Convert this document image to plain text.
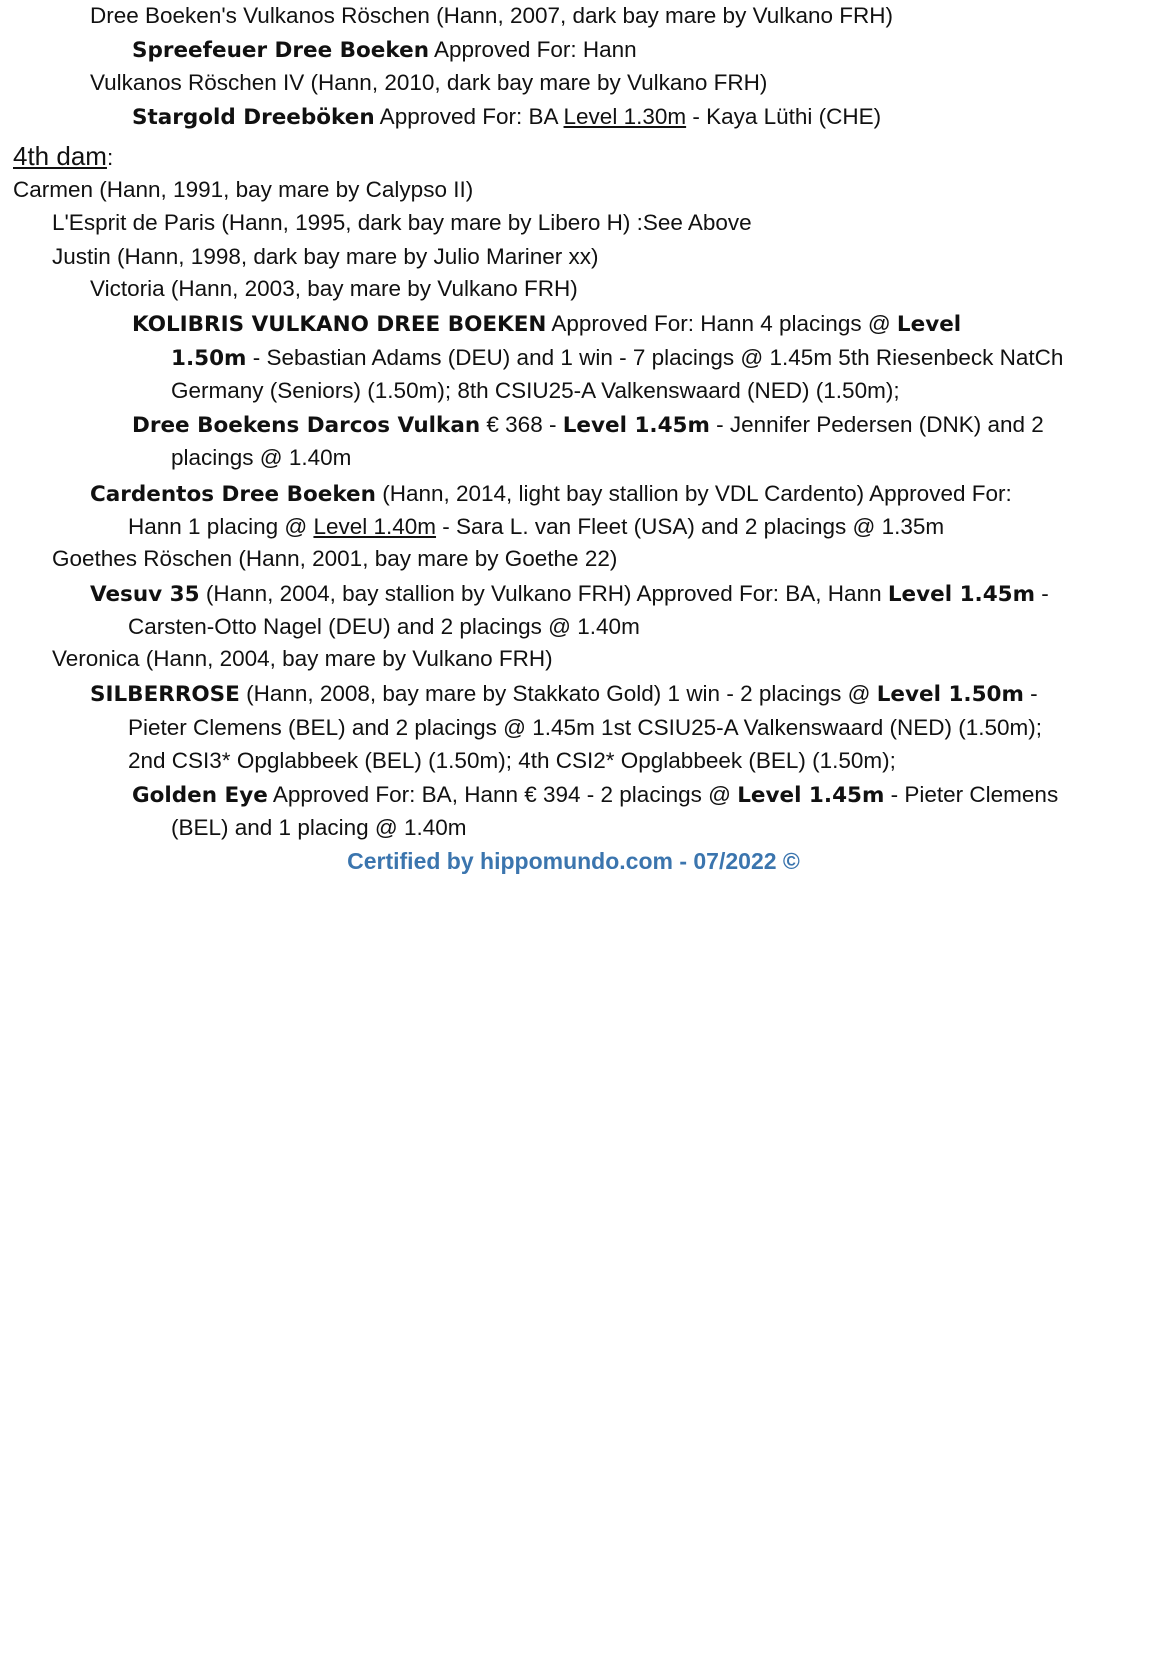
Dree Boeken's Vulkanos Röschen (Hann, 2007, dark bay mare by Vulkano FRH)
Spreefeuer Dree Boeken Approved For: Hann
Vulkanos Röschen IV (Hann, 2010, dark bay mare by Vulkano FRH)
Stargold Dreeböken Approved For: BA Level 1.30m - Kaya Lüthi (CHE)
4th dam:
Carmen (Hann, 1991, bay mare by Calypso II)
L'Esprit de Paris (Hann, 1995, dark bay mare by Libero H) :See Above
Justin (Hann, 1998, dark bay mare by Julio Mariner xx)
Victoria (Hann, 2003, bay mare by Vulkano FRH)
KOLIBRIS VULKANO DREE BOEKEN Approved For: Hann 4 placings @ Level
1.50m - Sebastian Adams (DEU) and 1 win - 7 placings @ 1.45m 5th Riesenbeck NatCh
Germany (Seniors) (1.50m); 8th CSIU25-A Valkenswaard (NED) (1.50m);
Dree Boekens Darcos Vulkan € 368 - Level 1.45m - Jennifer Pedersen (DNK) and 2
placings @ 1.40m
Cardentos Dree Boeken (Hann, 2014, light bay stallion by VDL Cardento) Approved For:
Hann 1 placing @ Level 1.40m - Sara L. van Fleet (USA) and 2 placings @ 1.35m
Goethes Röschen (Hann, 2001, bay mare by Goethe 22)
Vesuv 35 (Hann, 2004, bay stallion by Vulkano FRH) Approved For: BA, Hann Level 1.45m -
Carsten-Otto Nagel (DEU) and 2 placings @ 1.40m
Veronica (Hann, 2004, bay mare by Vulkano FRH)
SILBERROSE (Hann, 2008, bay mare by Stakkato Gold) 1 win - 2 placings @ Level 1.50m -
Pieter Clemens (BEL) and 2 placings @ 1.45m 1st CSIU25-A Valkenswaard (NED) (1.50m);
2nd CSI3* Opglabbeek (BEL) (1.50m); 4th CSI2* Opglabbeek (BEL) (1.50m);
Golden Eye Approved For: BA, Hann € 394 - 2 placings @ Level 1.45m - Pieter Clemens
(BEL) and 1 placing @ 1.40m
Certified by hippomundo.com - 07/2022 ©
